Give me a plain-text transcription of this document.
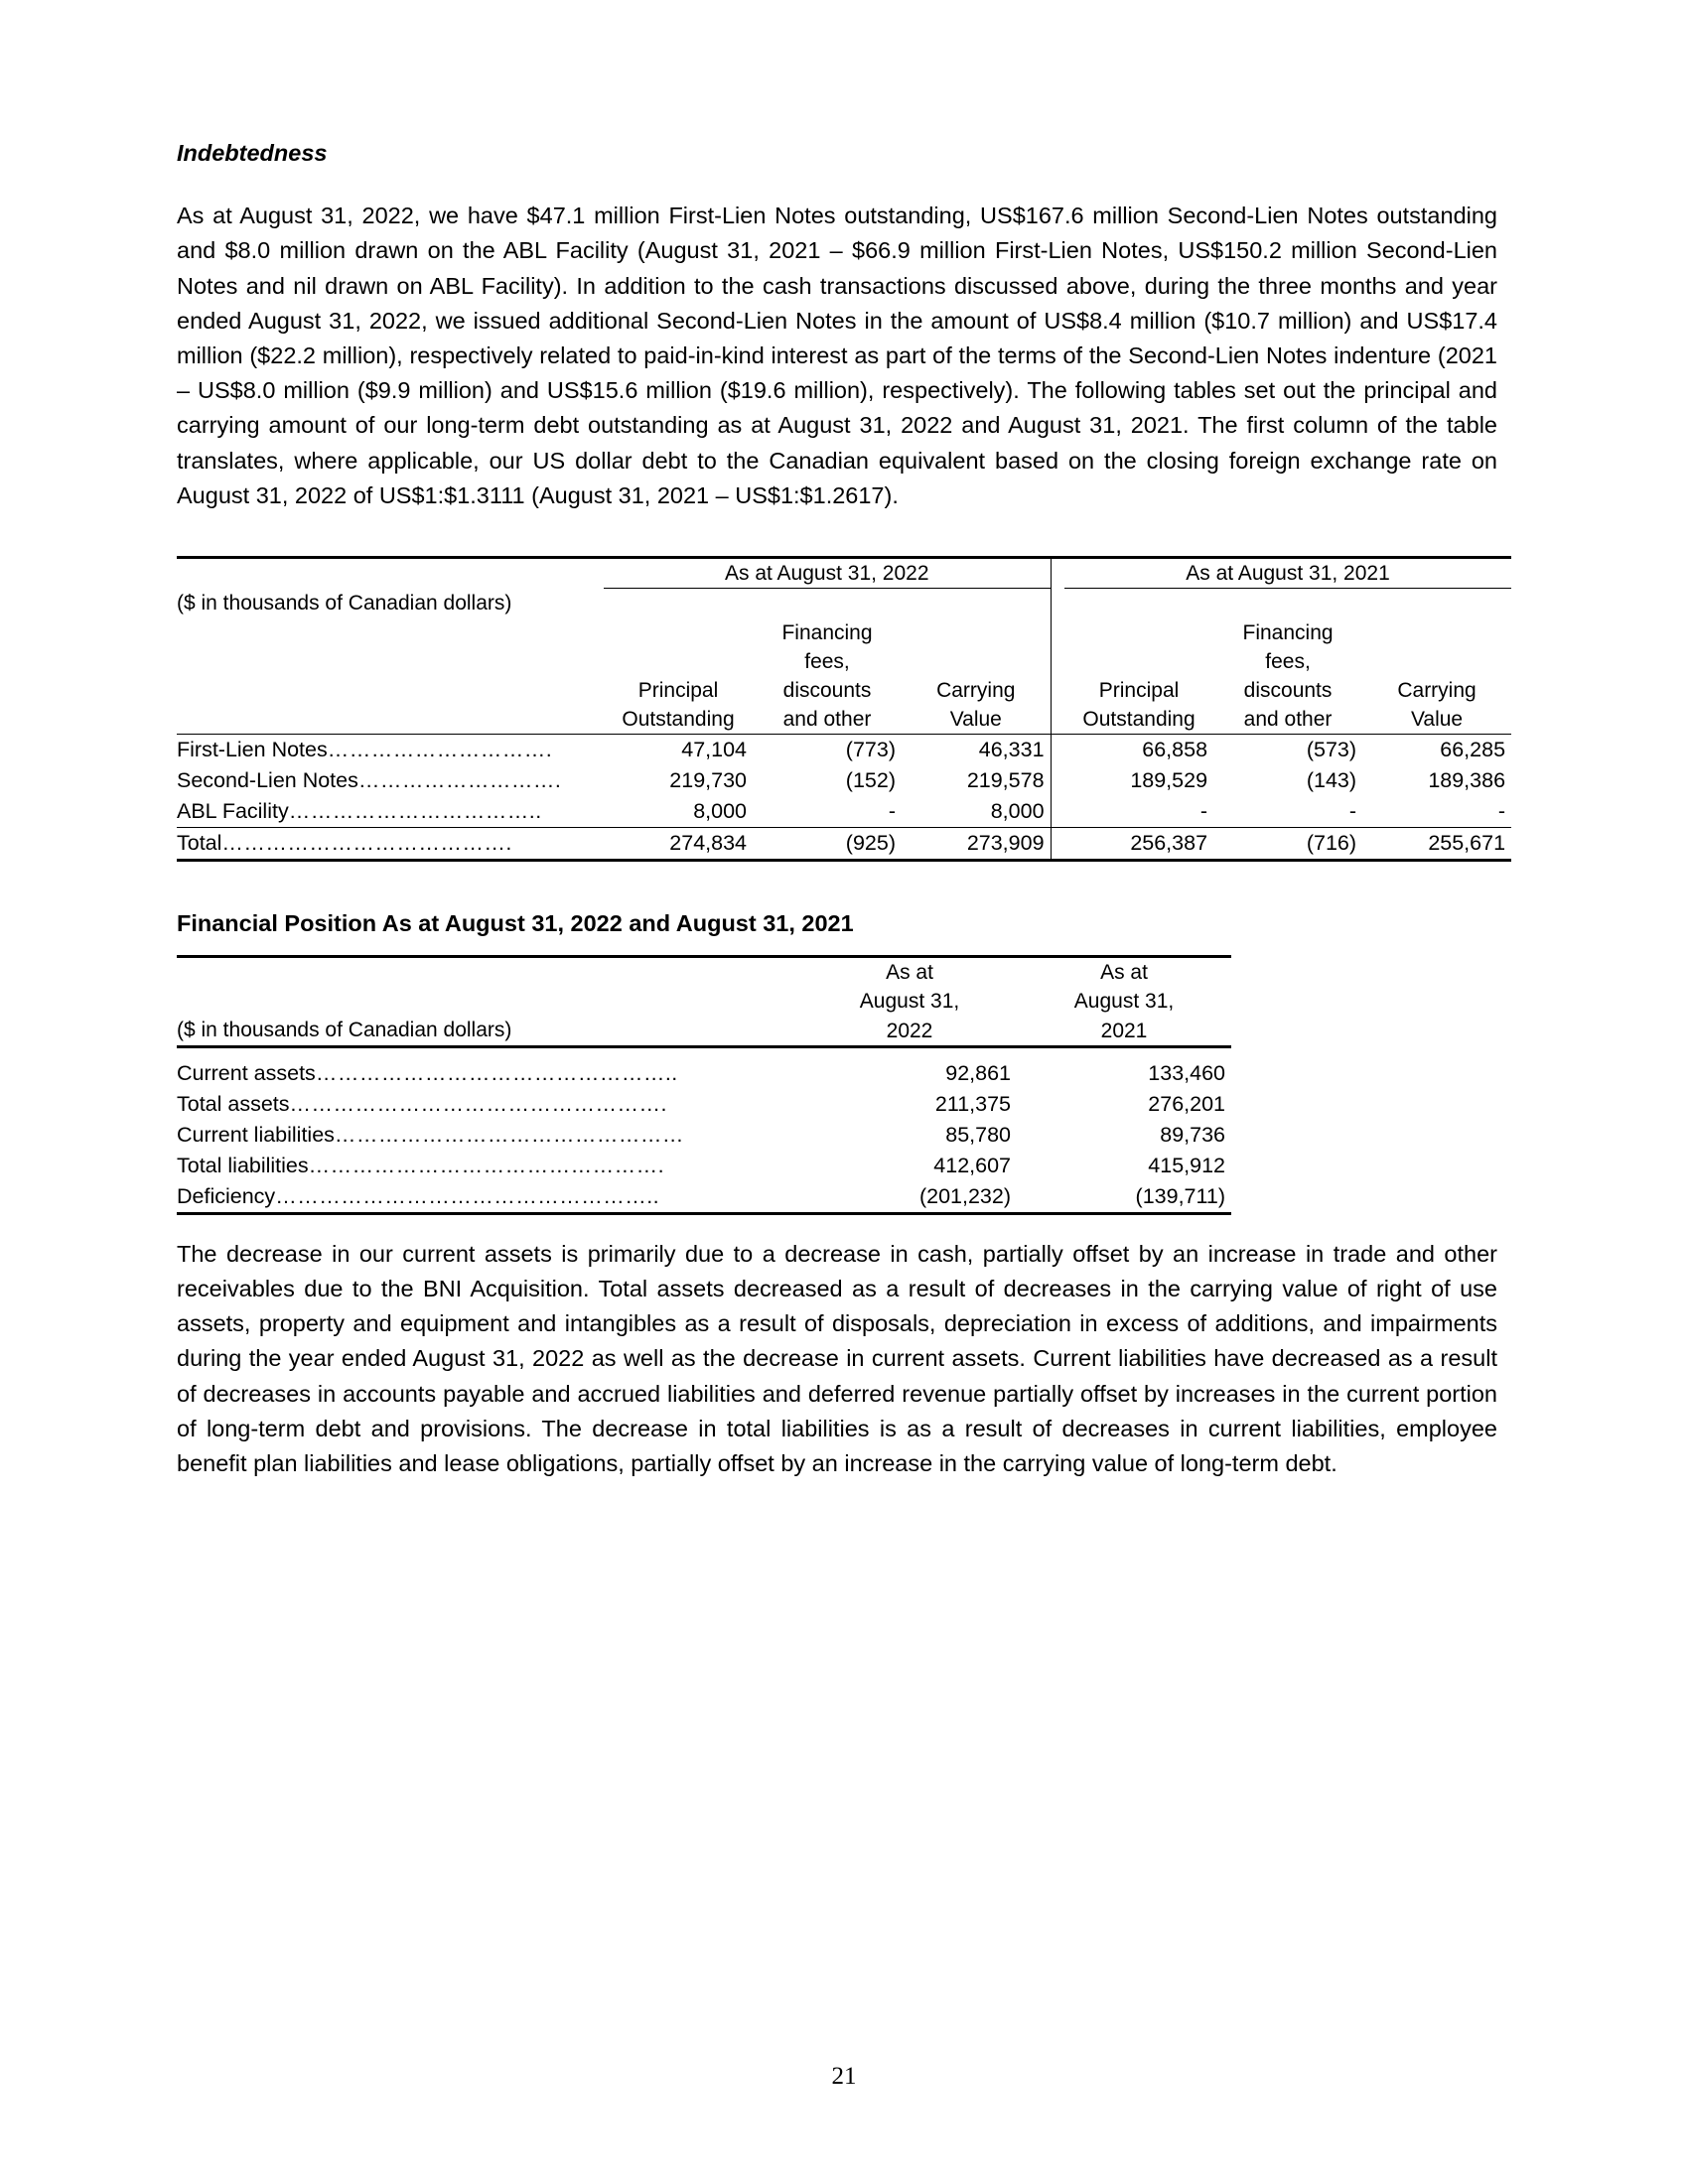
Indebtedness

As at August 31, 2022, we have $47.1 million First-Lien Notes outstanding, US$167.6 million Second-Lien Notes outstanding and $8.0 million drawn on the ABL Facility (August 31, 2021 – $66.9 million First-Lien Notes, US$150.2 million Second-Lien Notes and nil drawn on ABL Facility). In addition to the cash transactions discussed above, during the three months and year ended August 31, 2022, we issued additional Second-Lien Notes in the amount of US$8.4 million ($10.7 million) and US$17.4 million ($22.2 million), respectively related to paid-in-kind interest as part of the terms of the Second-Lien Notes indenture (2021 – US$8.0 million ($9.9 million) and US$15.6 million ($19.6 million), respectively). The following tables set out the principal and carrying amount of our long-term debt outstanding as at August 31, 2022 and August 31, 2021. The first column of the table translates, where applicable, our US dollar debt to the Canadian equivalent based on the closing foreign exchange rate on August 31, 2022 of US$1:$1.3111 (August 31, 2021 – US$1:$1.2617).

	As at August 31, 2022				As at August 31, 2021		
($ in thousands of Canadian dollars)							
		Financing				Financing	
		fees,				fees,	
	Principal	discounts	Carrying		Principal	discounts	Carrying
	Outstanding	and other	Value		Outstanding	and other	Value
First-Lien Notes………………………….	47,104	(773)	46,331		66,858	(573)	66,285
Second-Lien Notes……………………….	219,730	(152)	219,578		189,529	(143)	189,386
ABL Facility……………………………..	8,000	-	8,000		-	-	-
Total………………………………….	274,834	(925)	273,909		256,387	(716)	255,671
Financial Position As at August 31, 2022 and August 31, 2021
	As at	As at
	August 31,	August 31,
($ in thousands of Canadian dollars)	2022	2021

Current assets…………………………………………..	92,861	133,460
Total assets…………………………………………….	211,375	276,201
Current liabilities…………………………………………	85,780	89,736
Total liabilities………………………………………….	412,607	415,912
Deficiency……………………………………………..	(201,232)	(139,711)

The decrease in our current assets is primarily due to a decrease in cash, partially offset by an increase in trade and other receivables due to the BNI Acquisition. Total assets decreased as a result of decreases in the carrying value of right of use assets, property and equipment and intangibles as a result of disposals, depreciation in excess of additions, and impairments during the year ended August 31, 2022 as well as the decrease in current assets. Current liabilities have decreased as a result of decreases in accounts payable and accrued liabilities and deferred revenue partially offset by increases in the current portion of long-term debt and provisions. The decrease in total liabilities is as a result of decreases in current liabilities, employee benefit plan liabilities and lease obligations, partially offset by an increase in the carrying value of long-term debt.

21
